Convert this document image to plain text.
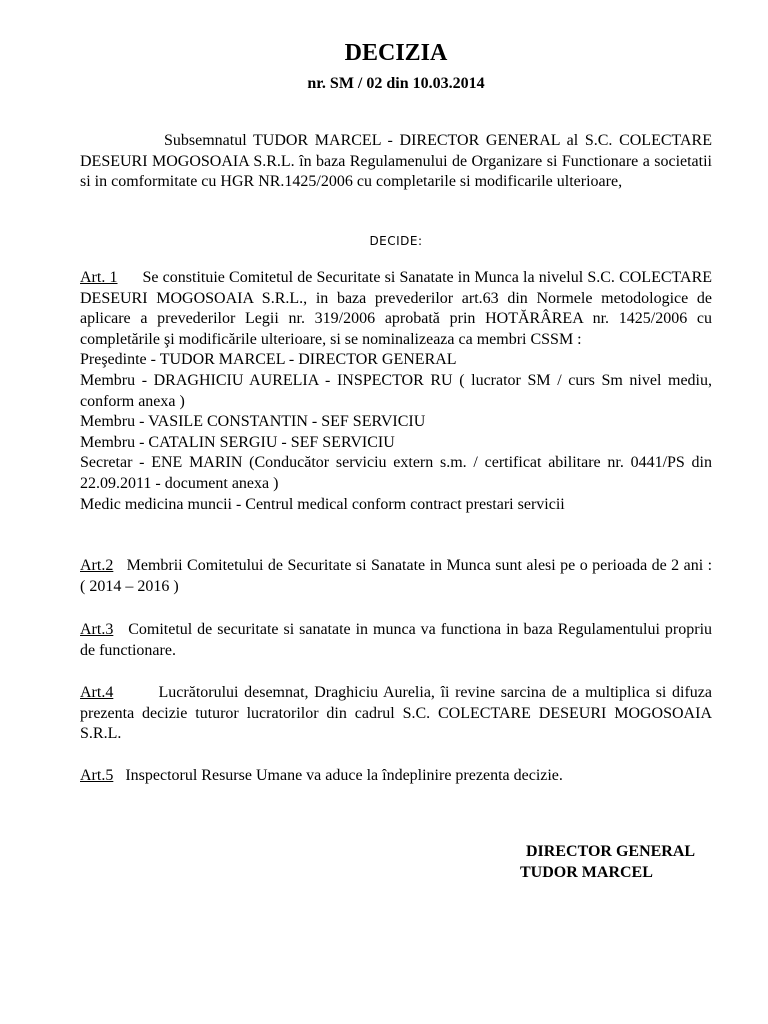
DECIZIA
nr. SM / 02 din 10.03.2014

Subsemnatul TUDOR MARCEL - DIRECTOR GENERAL al S.C. COLECTARE DESEURI MOGOSOAIA S.R.L. în baza Regulamenului de Organizare si Functionare a societatii si in comformitate cu HGR NR.1425/2006 cu completarile si modificarile ulterioare,

DECIDE:
Art. 1 Se constituie Comitetul de Securitate si Sanatate in Munca la nivelul S.C. COLECTARE DESEURI MOGOSOAIA S.R.L., in baza prevederilor art.63 din Normele metodologice de aplicare a prevederilor Legii nr. 319/2006 aprobată prin HOTĂRÂREA nr. 1425/2006 cu completările şi modificările ulterioare, si se nominalizeaza ca membri CSSM :
Preşedinte - TUDOR MARCEL - DIRECTOR GENERAL
Membru - DRAGHICIU AURELIA - INSPECTOR RU ( lucrator SM / curs Sm nivel mediu, conform anexa )
Membru - VASILE CONSTANTIN - SEF SERVICIU
Membru - CATALIN SERGIU - SEF SERVICIU
Secretar - ENE MARIN (Conducător serviciu extern s.m. / certificat abilitare nr. 0441/PS din 22.09.2011 - document anexa )
Medic medicina muncii - Centrul medical conform contract prestari servicii
Art.2 Membrii Comitetului de Securitate si Sanatate in Munca sunt alesi pe o perioada de 2 ani : ( 2014 – 2016 )
Art.3 Comitetul de securitate si sanatate in munca va functiona in baza Regulamentului propriu de functionare.
Art.4	Lucrătorului desemnat, Draghiciu Aurelia, îi revine sarcina de a multiplica si difuza prezenta decizie tuturor lucratorilor din cadrul S.C. COLECTARE DESEURI MOGOSOAIA S.R.L.
Art.5 Inspectorul Resurse Umane va aduce la îndeplinire prezenta decizie.
DIRECTOR GENERAL
TUDOR MARCEL
